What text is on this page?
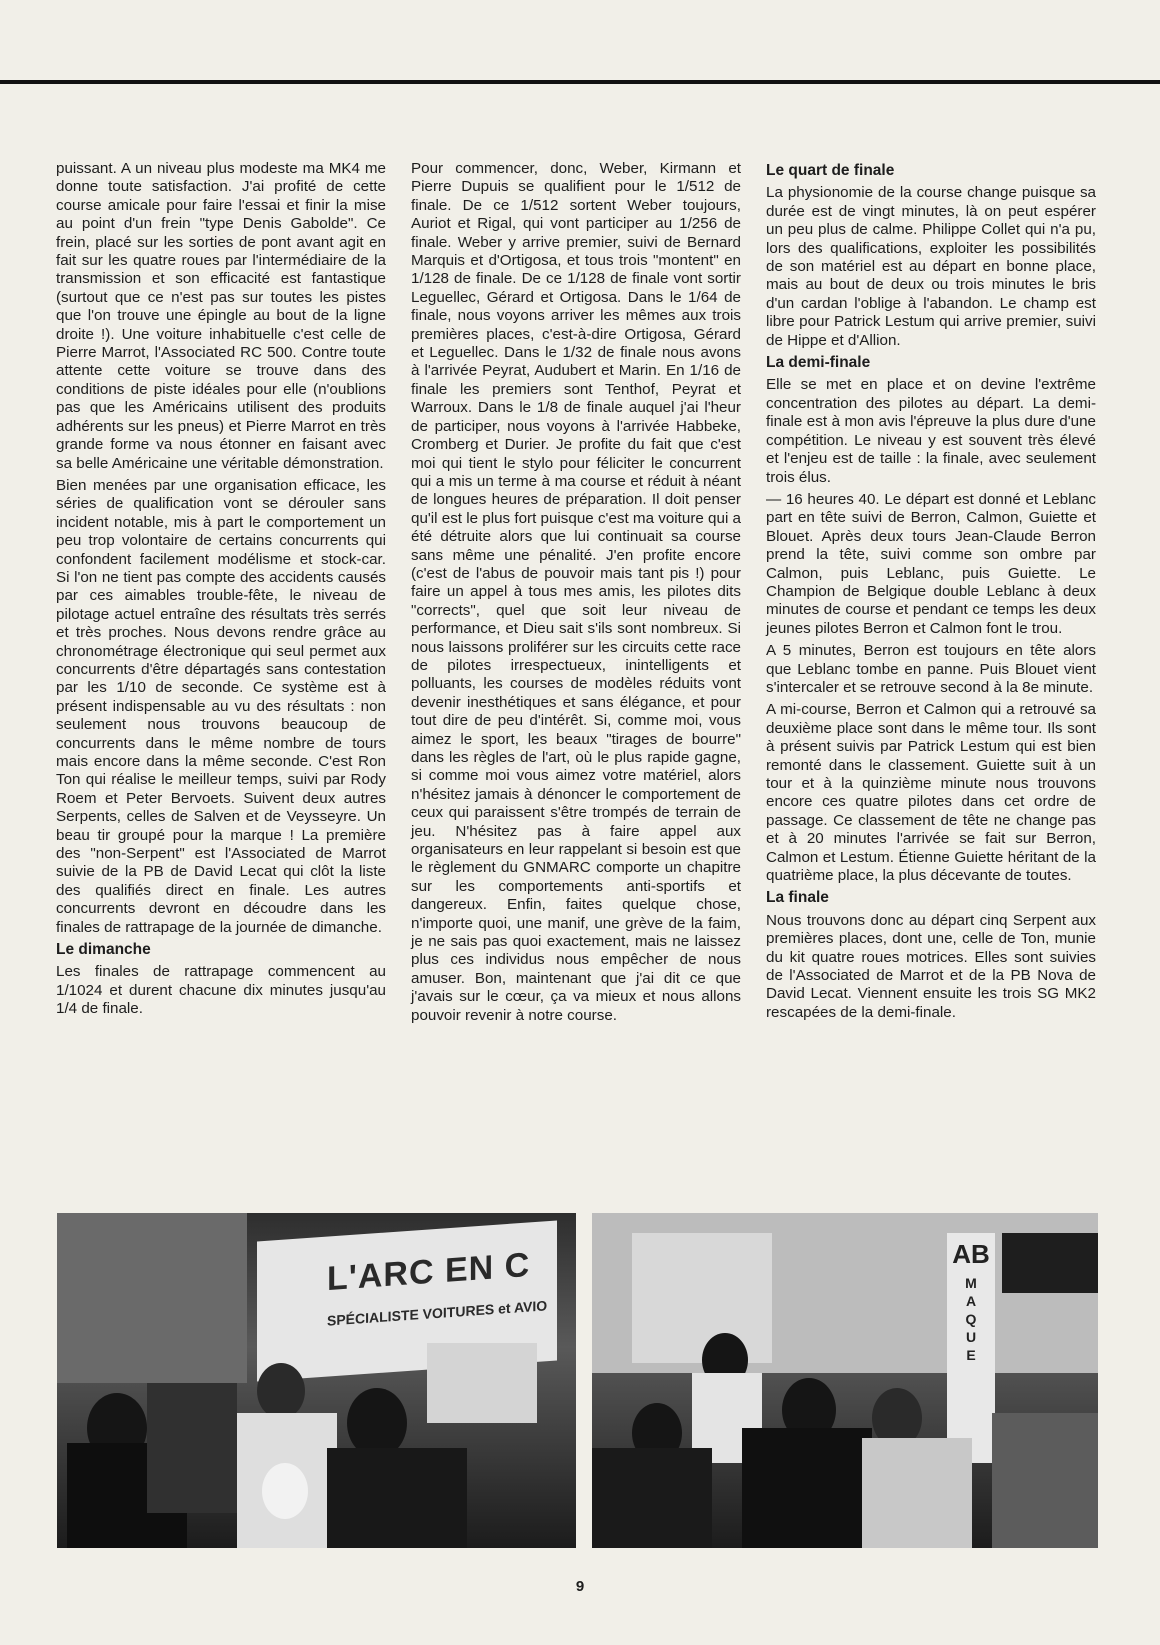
puissant. A un niveau plus modeste ma MK4 me donne toute satisfaction. J'ai profité de cette course amicale pour faire l'essai et finir la mise au point d'un frein "type Denis Gabolde". Ce frein, placé sur les sorties de pont avant agit en fait sur les quatre roues par l'intermédiaire de la transmission et son efficacité est fantastique (surtout que ce n'est pas sur toutes les pistes que l'on trouve une épingle au bout de la ligne droite !). Une voiture inhabituelle c'est celle de Pierre Marrot, l'Associated RC 500. Contre toute attente cette voiture se trouve dans des conditions de piste idéales pour elle (n'oublions pas que les Américains utilisent des produits adhérents sur les pneus) et Pierre Marrot en très grande forme va nous étonner en faisant avec sa belle Américaine une véritable démonstration.

Bien menées par une organisation efficace, les séries de qualification vont se dérouler sans incident notable, mis à part le comportement un peu trop volontaire de certains concurrents qui confondent facilement modélisme et stock-car. Si l'on ne tient pas compte des accidents causés par ces aimables trouble-fête, le niveau de pilotage actuel entraîne des résultats très serrés et très proches. Nous devons rendre grâce au chronométrage électronique qui seul permet aux concurrents d'être départagés sans contestation par les 1/10 de seconde. Ce système est à présent indispensable au vu des résultats : non seulement nous trouvons beaucoup de concurrents dans le même nombre de tours mais encore dans la même seconde. C'est Ron Ton qui réalise le meilleur temps, suivi par Rody Roem et Peter Bervoets. Suivent deux autres Serpents, celles de Salven et de Veysseyre. Un beau tir groupé pour la marque ! La première des "non-Serpent" est l'Associated de Marrot suivie de la PB de David Lecat qui clôt la liste des qualifiés direct en finale. Les autres concurrents devront en découdre dans les finales de rattrapage de la journée de dimanche.

Le dimanche

Les finales de rattrapage commencent au 1/1024 et durent chacune dix minutes jusqu'au 1/4 de finale.

Pour commencer, donc, Weber, Kirmann et Pierre Dupuis se qualifient pour le 1/512 de finale. De ce 1/512 sortent Weber toujours, Auriot et Rigal, qui vont participer au 1/256 de finale. Weber y arrive premier, suivi de Bernard Marquis et d'Ortigosa, et tous trois "montent" en 1/128 de finale. De ce 1/128 de finale vont sortir Leguellec, Gérard et Ortigosa. Dans le 1/64 de finale, nous voyons arriver les mêmes aux trois premières places, c'est-à-dire Ortigosa, Gérard et Leguellec. Dans le 1/32 de finale nous avons à l'arrivée Peyrat, Audubert et Marin. En 1/16 de finale les premiers sont Tenthof, Peyrat et Warroux. Dans le 1/8 de finale auquel j'ai l'heur de participer, nous voyons à l'arrivée Habbeke, Cromberg et Durier. Je profite du fait que c'est moi qui tient le stylo pour féliciter le concurrent qui a mis un terme à ma course et réduit à néant de longues heures de préparation. Il doit penser qu'il est le plus fort puisque c'est ma voiture qui a été détruite alors que lui continuait sa course sans même une pénalité. J'en profite encore (c'est de l'abus de pouvoir mais tant pis !) pour faire un appel à tous mes amis, les pilotes dits "corrects", quel que soit leur niveau de performance, et Dieu sait s'ils sont nombreux. Si nous laissons proliférer sur les circuits cette race de pilotes irrespectueux, inintelligents et polluants, les courses de modèles réduits vont devenir inesthétiques et sans élégance, et pour tout dire de peu d'intérêt. Si, comme moi, vous aimez le sport, les beaux "tirages de bourre" dans les règles de l'art, où le plus rapide gagne, si comme moi vous aimez votre matériel, alors n'hésitez jamais à dénoncer le comportement de ceux qui paraissent s'être trompés de terrain de jeu. N'hésitez pas à faire appel aux organisateurs en leur rappelant si besoin est que le règlement du GNMARC comporte un chapitre sur les comportements anti-sportifs et dangereux. Enfin, faites quelque chose, n'importe quoi, une manif, une grève de la faim, je ne sais pas quoi exactement, mais ne laissez plus ces individus nous empêcher de nous amuser. Bon, maintenant que j'ai dit ce que j'avais sur le cœur, ça va mieux et nous allons pouvoir revenir à notre course.

Le quart de finale

La physionomie de la course change puisque sa durée est de vingt minutes, là on peut espérer un peu plus de calme. Philippe Collet qui n'a pu, lors des qualifications, exploiter les possibilités de son matériel est au départ en bonne place, mais au bout de deux ou trois minutes le bris d'un cardan l'oblige à l'abandon. Le champ est libre pour Patrick Lestum qui arrive premier, suivi de Hippe et d'Allion.

La demi-finale

Elle se met en place et on devine l'extrême concentration des pilotes au départ. La demi-finale est à mon avis l'épreuve la plus dure d'une compétition. Le niveau y est souvent très élevé et l'enjeu est de taille : la finale, avec seulement trois élus.

— 16 heures 40. Le départ est donné et Leblanc part en tête suivi de Berron, Calmon, Guiette et Blouet. Après deux tours Jean-Claude Berron prend la tête, suivi comme son ombre par Calmon, puis Leblanc, puis Guiette. Le Champion de Belgique double Leblanc à deux minutes de course et pendant ce temps les deux jeunes pilotes Berron et Calmon font le trou.

A 5 minutes, Berron est toujours en tête alors que Leblanc tombe en panne. Puis Blouet vient s'intercaler et se retrouve second à la 8e minute.

A mi-course, Berron et Calmon qui a retrouvé sa deuxième place sont dans le même tour. Ils sont à présent suivis par Patrick Lestum qui est bien remonté dans le classement. Guiette suit à un tour et à la quinzième minute nous trouvons encore ces quatre pilotes dans cet ordre de passage. Ce classement de tête ne change pas et à 20 minutes l'arrivée se fait sur Berron, Calmon et Lestum. Étienne Guiette héritant de la quatrième place, la plus décevante de toutes.

La finale

Nous trouvons donc au départ cinq Serpent aux premières places, dont une, celle de Ton, munie du kit quatre roues motrices. Elles sont suivies de l'Associated de Marrot et de la PB Nova de David Lecat. Viennent ensuite les trois SG MK2 rescapées de la demi-finale.

L'ARC EN C
SPÉCIALISTE VOITURES et AVIO
AB
MAQUE
9
